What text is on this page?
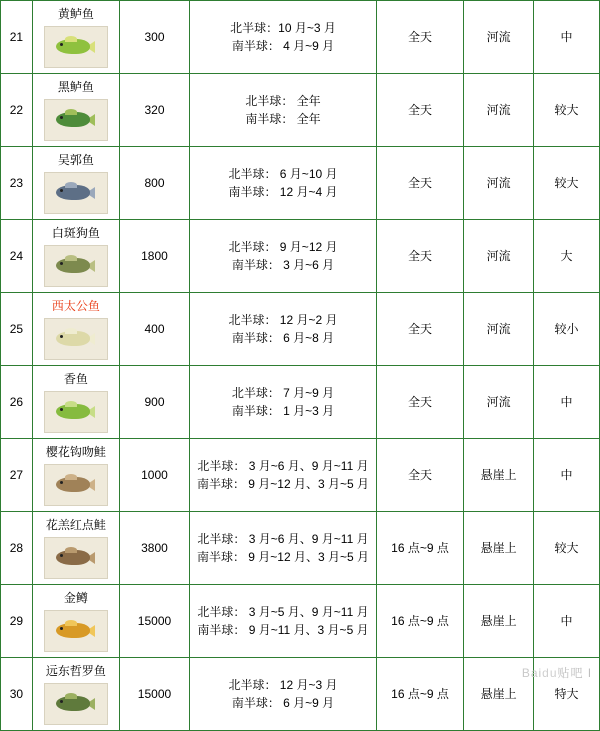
21	黄鲈鱼	300	北半球：10 月~3 月
南半球： 4 月~9 月	全天	河流	中
22	黑鲈鱼	320	北半球： 全年
南半球： 全年	全天	河流	较大
23	吴郭鱼	800	北半球： 6 月~10 月
南半球： 12 月~4 月	全天	河流	较大
24	白斑狗鱼	1800	北半球： 9 月~12 月
南半球： 3 月~6 月	全天	河流	大
25	西太公鱼	400	北半球： 12 月~2 月
南半球： 6 月~8 月	全天	河流	较小
26	香鱼	900	北半球： 7 月~9 月
南半球： 1 月~3 月	全天	河流	中
27	樱花钩吻鲑	1000	北半球： 3 月~6 月、9 月~11 月
南半球： 9 月~12 月、3 月~5 月	全天	悬崖上	中
28	花羔红点鲑	3800	北半球： 3 月~6 月、9 月~11 月
南半球： 9 月~12 月、3 月~5 月	16 点~9 点	悬崖上	较大
29	金鳟	15000	北半球： 3 月~5 月、9 月~11 月
南半球： 9 月~11 月、3 月~5 月	16 点~9 点	悬崖上	中
30	远东哲罗鱼	15000	北半球： 12 月~3 月
南半球： 6 月~9 月	16 点~9 点	悬崖上	特大
Baidu贴吧 ǀ
